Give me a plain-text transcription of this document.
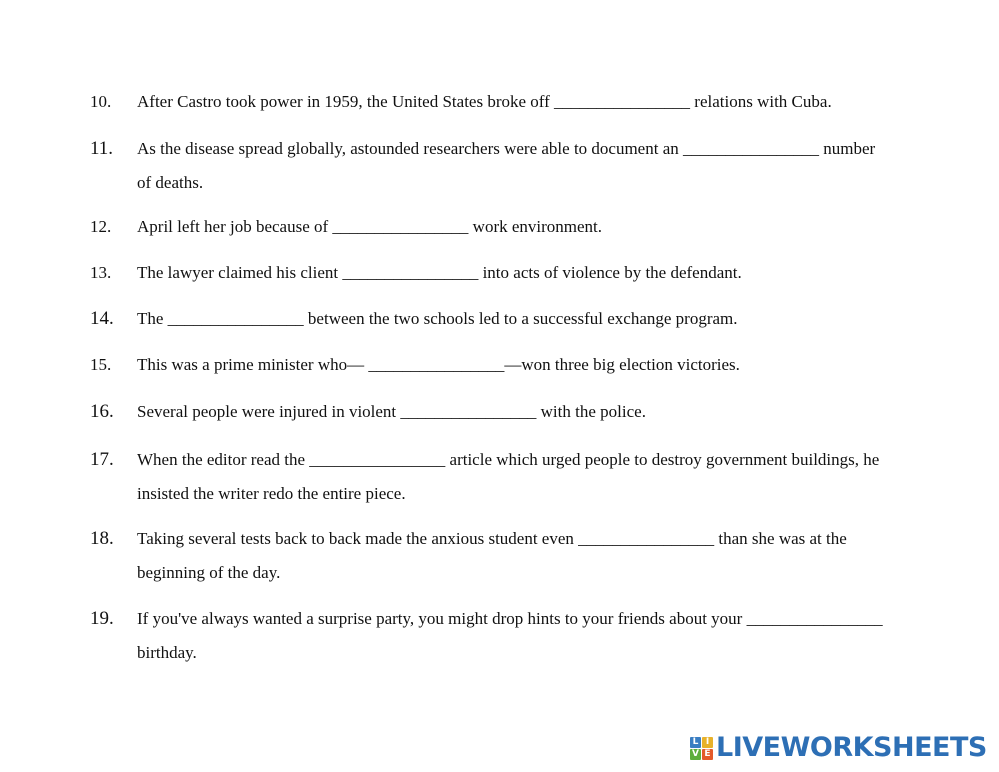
10.	After Castro took power in 1959, the United States broke off ________________ relations with Cuba.
11.	As the disease spread globally, astounded researchers were able to document an ________________ number
of deaths.
12.	April left her job because of ________________ work environment.
13.	The lawyer claimed his client ________________ into acts of violence by the defendant.
14.	The ________________ between the two schools led to a successful exchange program.
15.	This was a prime minister who— ________________—won three big election victories.
16.	Several people were injured in violent ________________ with the police.
17.	When the editor read the ________________ article which urged people to destroy government buildings, he
insisted the writer redo the entire piece.
18.	Taking several tests back to back made the anxious student even ________________ than she was at the
beginning of the day.
19.	If you've always wanted a surprise party, you might drop hints to your friends about your ________________
birthday.
L I
V E LIVEWORKSHEETS
